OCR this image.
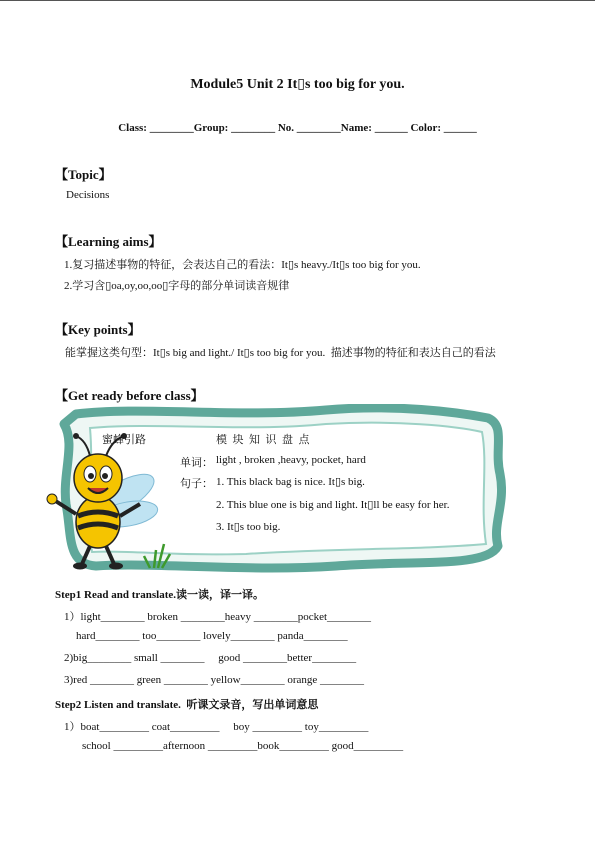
Module5 Unit 2 It▯s too big for you.
Class: ________Group: ________ No. ________Name: ______ Color: ______
【Topic】
Decisions
【Learning aims】
1.复习描述事物的特征，会表达自己的看法：It▯s heavy./It▯s too big for you.
2.学习含▯oa,oy,oo,oo▯字母的部分单词读音规律
【Key points】
能掌握这类句型：It▯s big and light./ It▯s too big for you.  描述事物的特征和表达自己的看法
【Get ready before class】
蜜蜂引路	模  块  知  识  盘  点
单词： light , broken ,heavy, pocket, hard
句子： 1. This black bag is nice. It▯s big.
2. This blue one is big and light. It▯ll be easy for her.
3. It▯s too big.
Step1 Read and translate.读一读，译一译。
1）light________ broken ________heavy ________pocket________
hard________ too________ lovely________ panda________
2)big________ small ________     good ________better________
3)red ________ green ________ yellow________ orange ________
Step2 Listen and translate.  听课文录音，写出单词意思
1）boat_________ coat_________     boy _________ toy_________
school _________afternoon _________book_________ good_________
